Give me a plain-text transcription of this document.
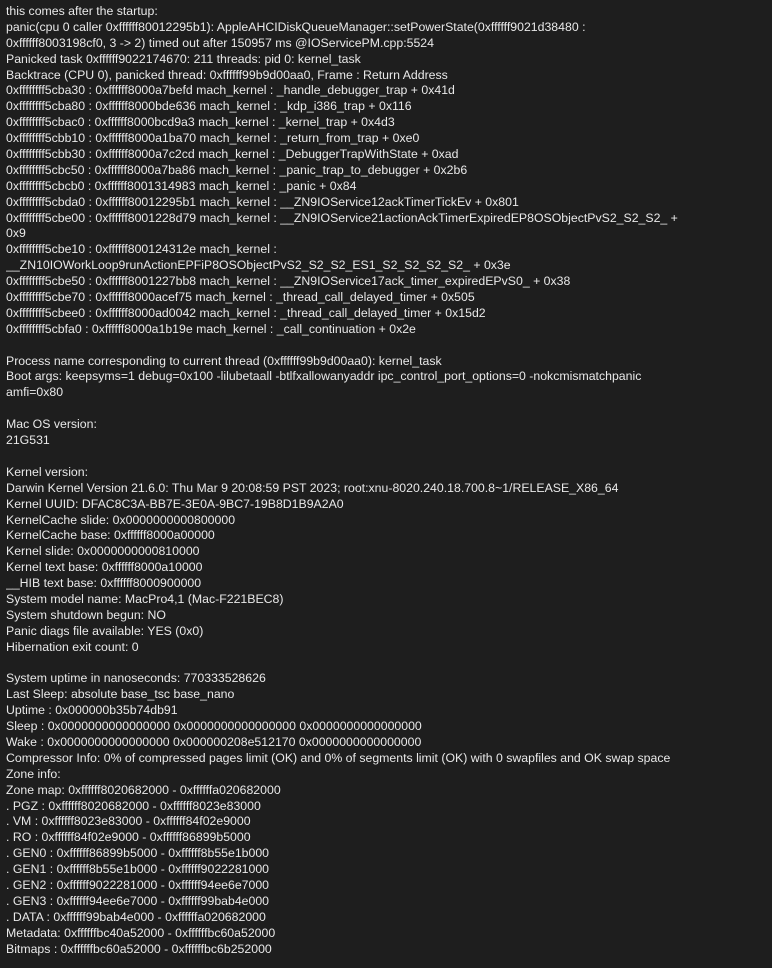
this comes after the startup:
panic(cpu 0 caller 0xffffff80012295b1): AppleAHCIDiskQueueManager::setPowerState(0xffffff9021d38480 :
0xffffff8003198cf0, 3 -> 2) timed out after 150957 ms @IOServicePM.cpp:5524
Panicked task 0xffffff9022174670: 211 threads: pid 0: kernel_task
Backtrace (CPU 0), panicked thread: 0xffffff99b9d00aa0, Frame : Return Address
0xffffffff5cba30 : 0xffffff8000a7befd mach_kernel : _handle_debugger_trap + 0x41d
0xffffffff5cba80 : 0xffffff8000bde636 mach_kernel : _kdp_i386_trap + 0x116
0xffffffff5cbac0 : 0xffffff8000bcd9a3 mach_kernel : _kernel_trap + 0x4d3
0xffffffff5cbb10 : 0xffffff8000a1ba70 mach_kernel : _return_from_trap + 0xe0
0xffffffff5cbb30 : 0xffffff8000a7c2cd mach_kernel : _DebuggerTrapWithState + 0xad
0xffffffff5cbc50 : 0xffffff8000a7ba86 mach_kernel : _panic_trap_to_debugger + 0x2b6
0xffffffff5cbcb0 : 0xffffff8001314983 mach_kernel : _panic + 0x84
0xffffffff5cbda0 : 0xffffff80012295b1 mach_kernel : __ZN9IOService12ackTimerTickEv + 0x801
0xffffffff5cbe00 : 0xffffff8001228d79 mach_kernel : __ZN9IOService21actionAckTimerExpiredEP8OSObjectPvS2_S2_S2_ +
0x9
0xffffffff5cbe10 : 0xffffff800124312e mach_kernel :
__ZN10IOWorkLoop9runActionEPFiP8OSObjectPvS2_S2_S2_ES1_S2_S2_S2_S2_ + 0x3e
0xffffffff5cbe50 : 0xffffff8001227bb8 mach_kernel : __ZN9IOService17ack_timer_expiredEPvS0_ + 0x38
0xffffffff5cbe70 : 0xffffff8000acef75 mach_kernel : _thread_call_delayed_timer + 0x505
0xffffffff5cbee0 : 0xffffff8000ad0042 mach_kernel : _thread_call_delayed_timer + 0x15d2
0xffffffff5cbfa0 : 0xffffff8000a1b19e mach_kernel : _call_continuation + 0x2e
Process name corresponding to current thread (0xffffff99b9d00aa0): kernel_task
Boot args: keepsyms=1 debug=0x100 -lilubetaall -btlfxallowanyaddr ipc_control_port_options=0 -nokcmismatchpanic
amfi=0x80
Mac OS version:
21G531
Kernel version:
Darwin Kernel Version 21.6.0: Thu Mar 9 20:08:59 PST 2023; root:xnu-8020.240.18.700.8~1/RELEASE_X86_64
Kernel UUID: DFAC8C3A-BB7E-3E0A-9BC7-19B8D1B9A2A0
KernelCache slide: 0x0000000000800000
KernelCache base: 0xffffff8000a00000
Kernel slide: 0x0000000000810000
Kernel text base: 0xffffff8000a10000
__HIB text base: 0xffffff8000900000
System model name: MacPro4,1 (Mac-F221BEC8)
System shutdown begun: NO
Panic diags file available: YES (0x0)
Hibernation exit count: 0
System uptime in nanoseconds: 770333528626
Last Sleep: absolute base_tsc base_nano
Uptime : 0x000000b35b74db91
Sleep : 0x0000000000000000 0x0000000000000000 0x0000000000000000
Wake : 0x0000000000000000 0x000000208e512170 0x0000000000000000
Compressor Info: 0% of compressed pages limit (OK) and 0% of segments limit (OK) with 0 swapfiles and OK swap space
Zone info:
Zone map: 0xffffff8020682000 - 0xffffffa020682000
. PGZ : 0xffffff8020682000 - 0xffffff8023e83000
. VM : 0xffffff8023e83000 - 0xffffff84f02e9000
. RO : 0xffffff84f02e9000 - 0xffffff86899b5000
. GEN0 : 0xffffff86899b5000 - 0xffffff8b55e1b000
. GEN1 : 0xffffff8b55e1b000 - 0xffffff9022281000
. GEN2 : 0xffffff9022281000 - 0xffffff94ee6e7000
. GEN3 : 0xffffff94ee6e7000 - 0xffffff99bab4e000
. DATA : 0xffffff99bab4e000 - 0xffffffa020682000
Metadata: 0xffffffbc40a52000 - 0xffffffbc60a52000
Bitmaps : 0xffffffbc60a52000 - 0xffffffbc6b252000
